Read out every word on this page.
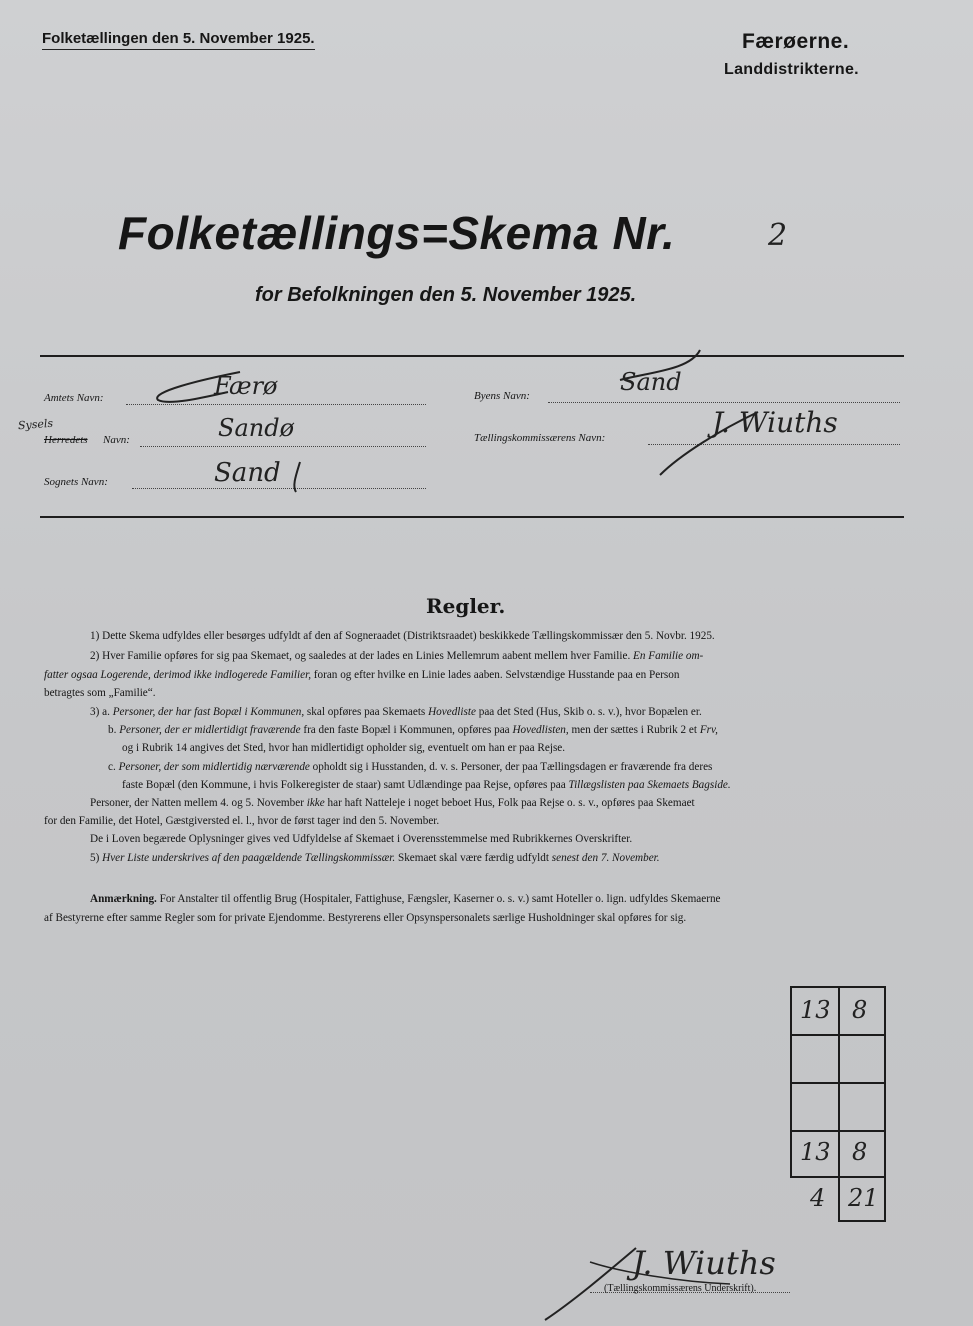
Folketællingen den 5. November 1925.	Færøerne.
Landdistrikterne.
Folketællings=Skema Nr.	2
for Befolkningen den 5. November 1925.
Amtets Navn:	Færø
Sysels
Herredets Navn:	Sandø
Sognets Navn:	Sand
Byens Navn:	Sand
Tællingskommissærens Navn:	J. Wiuths
Regler.
1) Dette Skema udfyldes eller besørges udfyldt af den af Sogneraadet (Distriktsraadet) beskikkede Tællingskommissær den 5. Novbr. 1925.
2) Hver Familie opføres for sig paa Skemaet, og saaledes at der lades en Linies Mellemrum aabent mellem hver Familie. En Familie om-
fatter ogsaa Logerende, derimod ikke indlogerede Familier, foran og efter hvilke en Linie lades aaben. Selvstændige Husstande paa en Person
betragtes som „Familie“.
3) a. Personer, der har fast Bopæl i Kommunen, skal opføres paa Skemaets Hovedliste paa det Sted (Hus, Skib o. s. v.), hvor Bopælen er.
b. Personer, der er midlertidigt fraværende fra den faste Bopæl i Kommunen, opføres paa Hovedlisten, men der sættes i Rubrik 2 et Frv,
og i Rubrik 14 angives det Sted, hvor han midlertidigt opholder sig, eventuelt om han er paa Rejse.
c. Personer, der som midlertidig nærværende opholdt sig i Husstanden, d. v. s. Personer, der paa Tællingsdagen er fraværende fra deres
faste Bopæl (den Kommune, i hvis Folkeregister de staar) samt Udlændinge paa Rejse, opføres paa Tillægslisten paa Skemaets Bagside.
Personer, der Natten mellem 4. og 5. November ikke har haft Natteleje i noget beboet Hus, Folk paa Rejse o. s. v., opføres paa Skemaet
for den Familie, det Hotel, Gæstgiversted el. l., hvor de først tager ind den 5. November.
De i Loven begærede Oplysninger gives ved Udfyldelse af Skemaet i Overensstemmelse med Rubrikkernes Overskrifter.
5) Hver Liste underskrives af den paagældende Tællingskommissær. Skemaet skal være færdig udfyldt senest den 7. November.
Anmærkning. For Anstalter til offentlig Brug (Hospitaler, Fattighuse, Fængsler, Kaserner o. s. v.) samt Hoteller o. lign. udfyldes Skemaerne
af Bestyrerne efter samme Regler som for private Ejendomme. Bestyrerens eller Opsynspersonalets særlige Husholdninger skal opføres for sig.
13 8
13 8
4 21
J. Wiuths
(Tællingskommissærens Underskrift).
